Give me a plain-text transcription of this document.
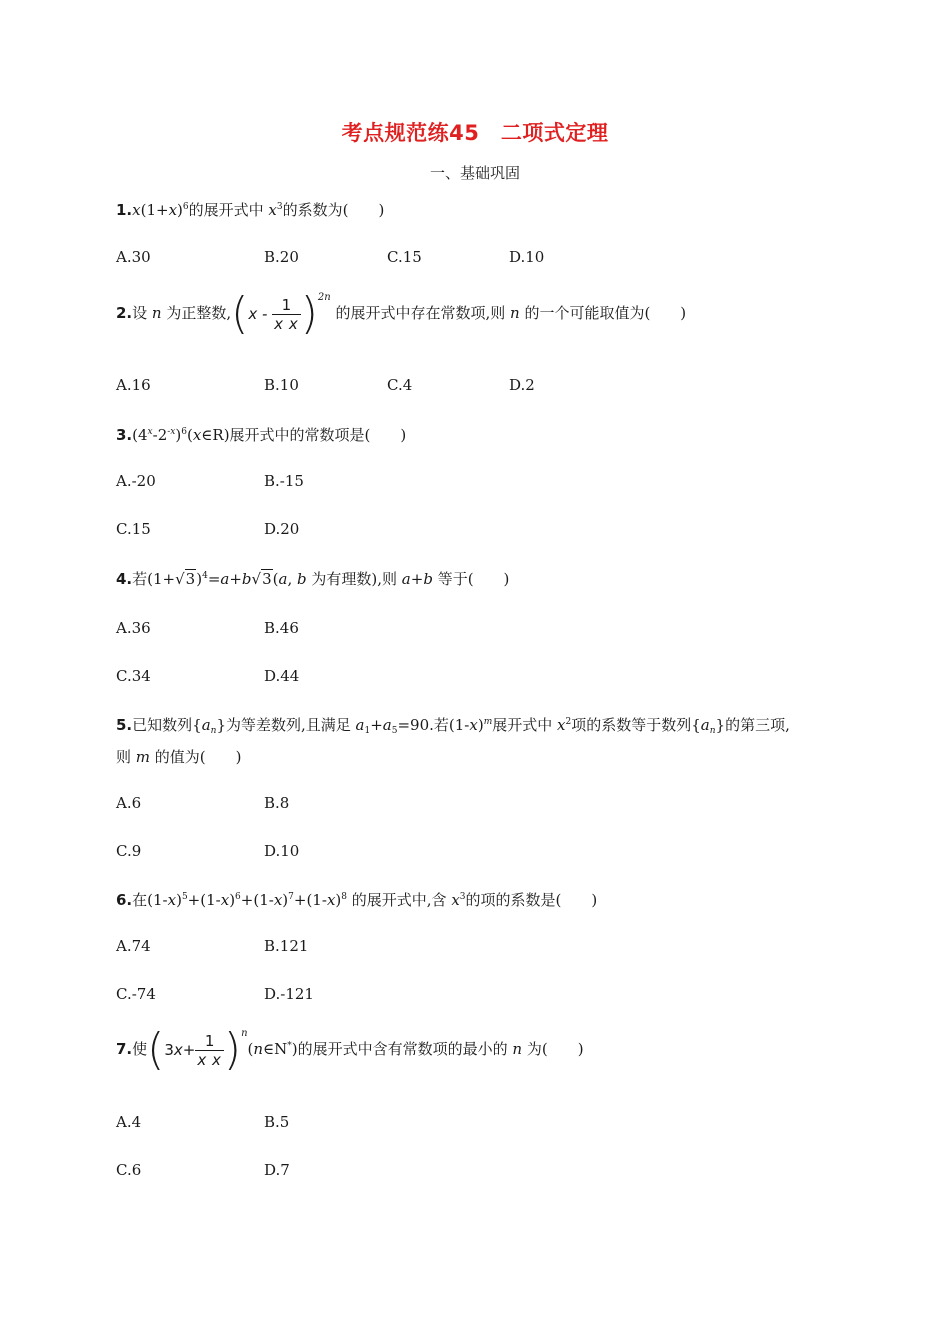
考点规范练45　二项式定理
一、基础巩固
$1.x(1+x)^6$的展开式中 $x^3$的系数为(　　)
A.30	B.20	C.15	D.10
2.设 n 为正整数$,(x - \frac{1}{\text{x x}} )^{2n}$ 的展开式中存在常数项,则 n 的一个可能取值为(　　)
A.16	B.10	C.4	D.2
$3.(4^x-2^{-x})^6(x\in R)$展开式中的常数项是(　　)
A.-20	B.-15
C.15	D.20
4.若$(1+√3)^4=a+b√3(a$, b 为有理数),则 a+b 等于(　　)
A.36	B.46
C.34	D.44
5.已知数列$\{a_n\}$为等差数列,且满足 $a_1+a_5=90$.若$(1-x)^m$展开式中 $x^2$项的系数等于数列$\{a_n\}$的第三项,
则 m 的值为(　　)
A.6	B.8
C.9	D.10
6.在$(1-x)^5+(1-x)^6+(1-x)^7+(1-x)^8$ 的展开式中,含 $x^3$的项的系数是(　　)
A.74	B.121
C.-74	D.-121
7.使($3x+ \frac{1}{\text{x x}}$ )$^n(n\in N^*)$的展开式中含有常数项的最小的 n 为(　　)
A.4	B.5
C.6	D.7
